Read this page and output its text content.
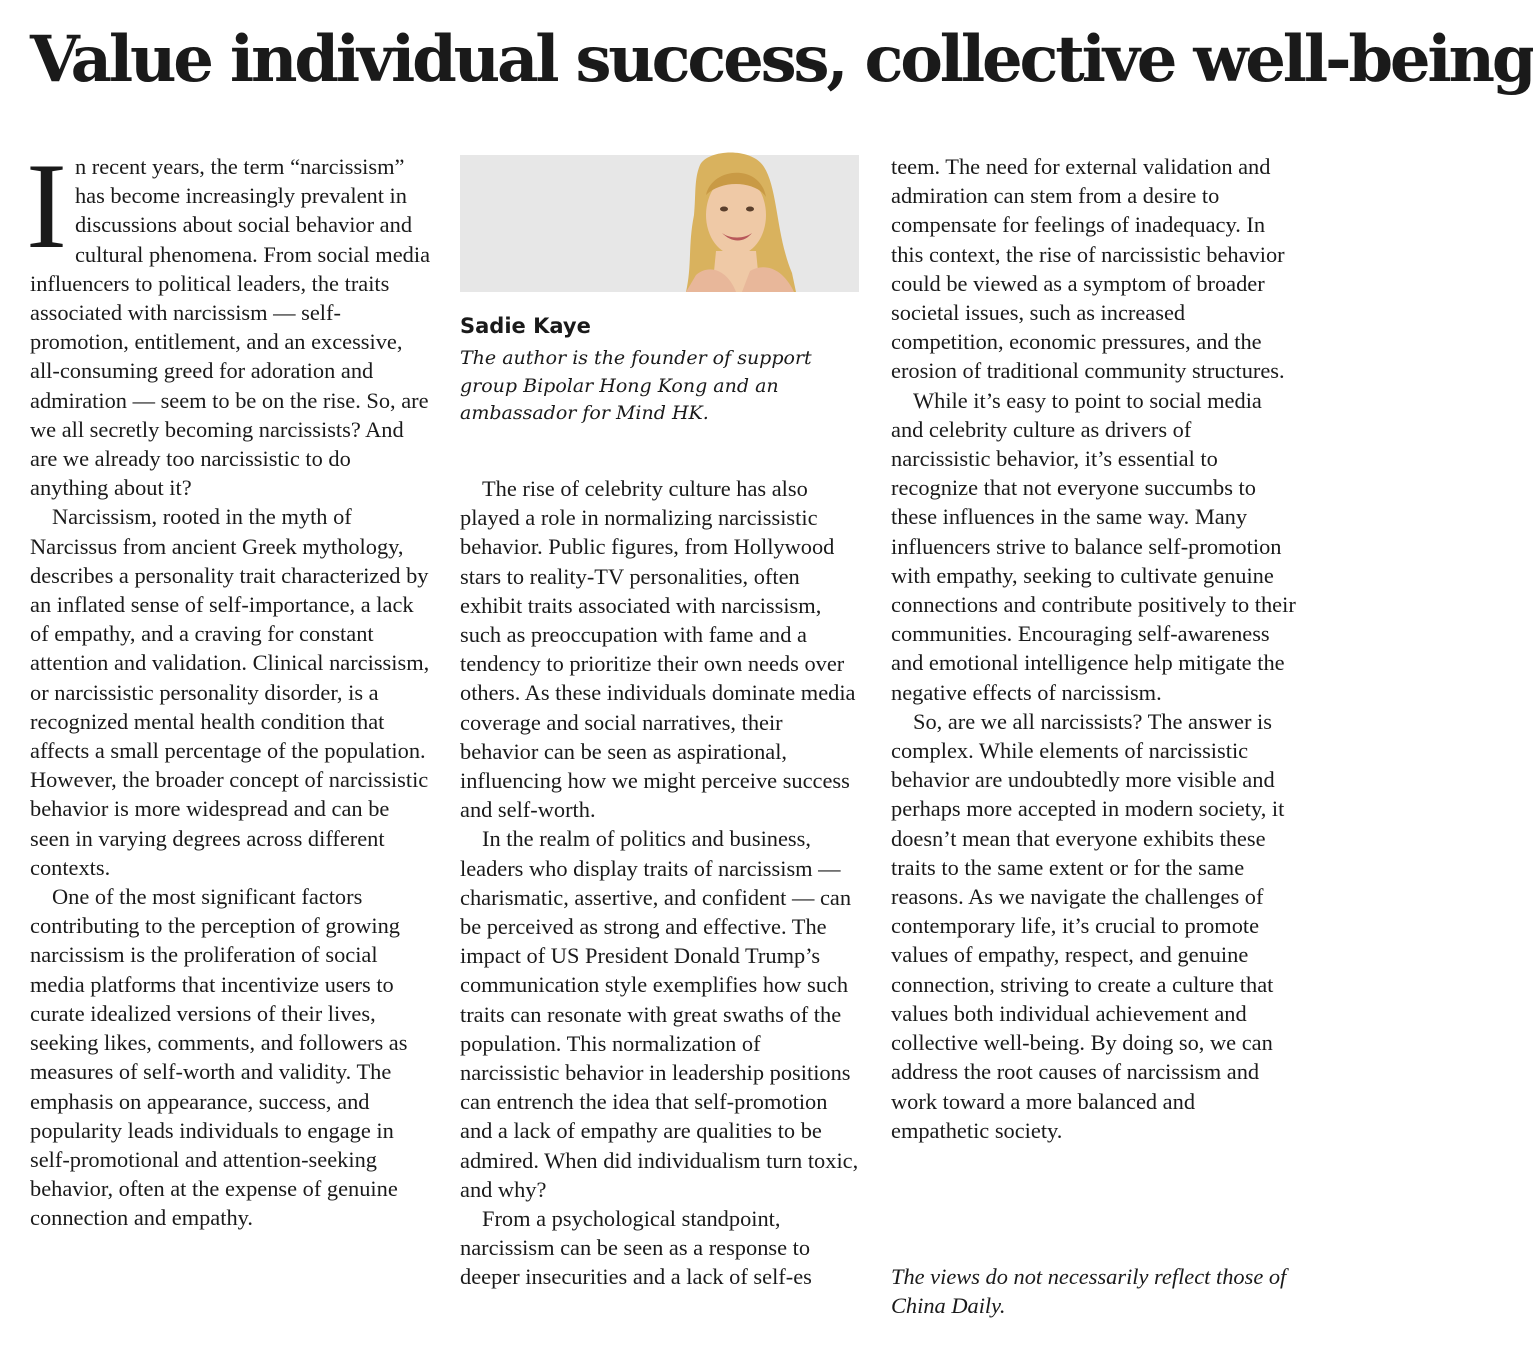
Value individual success, collective well-being

In recent years, the term “narcissism” has become increasingly prevalent in discussions about social behavior and cultural phenomena. From social media influencers to political leaders, the traits associated with narcissism — self-promotion, entitlement, and an excessive, all-consuming greed for adoration and admiration — seem to be on the rise. So, are we all secretly becoming narcissists? And are we already too narcissistic to do anything about it?

Narcissism, rooted in the myth of Narcissus from ancient Greek mythology, describes a personality trait characterized by an inflated sense of self-importance, a lack of empathy, and a craving for constant attention and validation. Clinical narcissism, or narcissistic personality disorder, is a recognized mental health condition that affects a small percentage of the population. However, the broader concept of narcissistic behavior is more widespread and can be seen in varying degrees across different contexts.

One of the most significant factors contributing to the perception of growing narcissism is the proliferation of social media platforms that incentivize users to curate idealized versions of their lives, seeking likes, comments, and followers as measures of self-worth and validity. The emphasis on appearance, success, and popularity leads individuals to engage in self-promotional and attention-seeking behavior, often at the expense of genuine connection and empathy.

Sadie Kaye

The author is the founder of support group Bipolar Hong Kong and an ambassador for Mind HK.

The rise of celebrity culture has also played a role in normalizing narcissistic behavior. Public figures, from Hollywood stars to reality-TV personalities, often exhibit traits associated with narcissism, such as preoccupation with fame and a tendency to prioritize their own needs over others. As these individuals dominate media coverage and social narratives, their behavior can be seen as aspirational, influencing how we might perceive success and self-worth.

In the realm of politics and business, leaders who display traits of narcissism — charismatic, assertive, and confident — can be perceived as strong and effective. The impact of US President Donald Trump’s communication style exemplifies how such traits can resonate with great swaths of the population. This normalization of narcissistic behavior in leadership positions can entrench the idea that self-promotion and a lack of empathy are qualities to be admired. When did individualism turn toxic, and why?

From a psychological standpoint, narcissism can be seen as a response to deeper insecurities and a lack of self-es

teem. The need for external validation and admiration can stem from a desire to compensate for feelings of inadequacy. In this context, the rise of narcissistic behavior could be viewed as a symptom of broader societal issues, such as increased competition, economic pressures, and the erosion of traditional community structures.

While it’s easy to point to social media and celebrity culture as drivers of narcissistic behavior, it’s essential to recognize that not everyone succumbs to these influences in the same way. Many influencers strive to balance self-promotion with empathy, seeking to cultivate genuine connections and contribute positively to their communities. Encouraging self-awareness and emotional intelligence help mitigate the negative effects of narcissism.

So, are we all narcissists? The answer is complex. While elements of narcissistic behavior are undoubtedly more visible and perhaps more accepted in modern society, it doesn’t mean that everyone exhibits these traits to the same extent or for the same reasons. As we navigate the challenges of contemporary life, it’s crucial to promote values of empathy, respect, and genuine connection, striving to create a culture that values both individual achievement and collective well-being. By doing so, we can address the root causes of narcissism and work toward a more balanced and empathetic society.

The views do not necessarily reflect those of China Daily.
